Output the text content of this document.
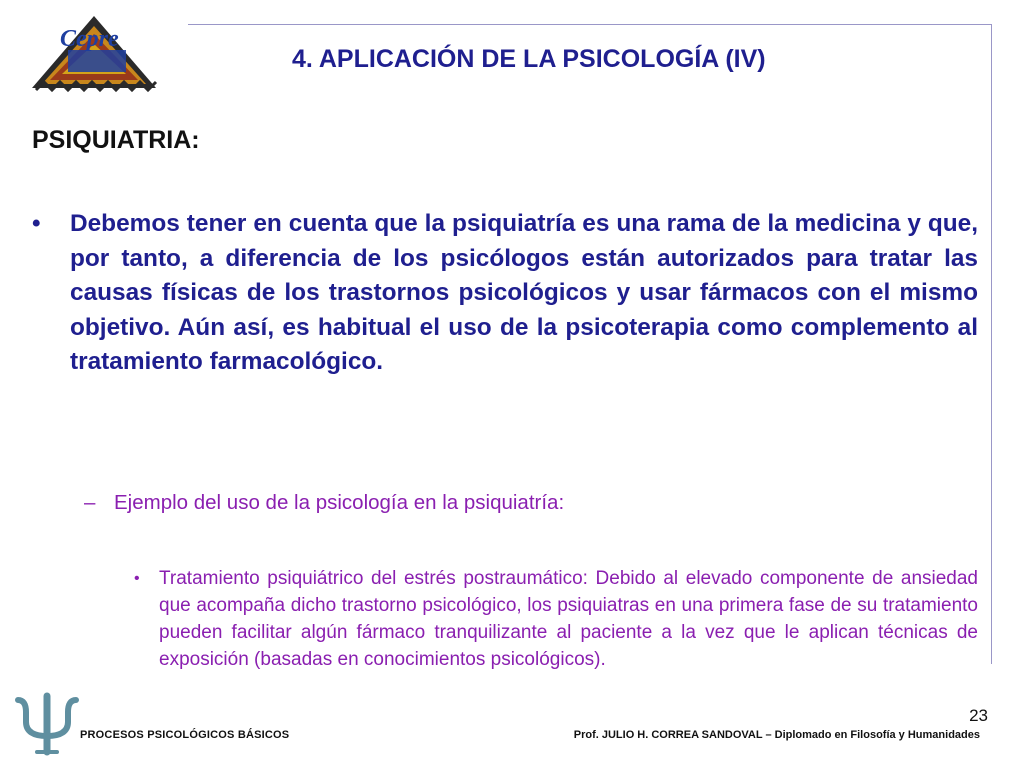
Cepre
4. APLICACIÓN DE LA PSICOLOGÍA (IV)
PSIQUIATRIA:
• Debemos tener en cuenta que la psiquiatría es una rama de la medicina y que, por tanto, a diferencia de los psicólogos están autorizados para tratar las causas físicas de los trastornos psicológicos y usar fármacos con el mismo objetivo. Aún así, es habitual el uso de la psicoterapia como complemento al tratamiento farmacológico.
– Ejemplo del uso de la psicología en la psiquiatría:
• Tratamiento psiquiátrico del estrés postraumático: Debido al elevado componente de ansiedad que acompaña dicho trastorno psicológico, los psiquiatras en una primera fase de su tratamiento pueden facilitar algún fármaco tranquilizante al paciente a la vez que le aplican técnicas de exposición (basadas en conocimientos psicológicos).
PROCESOS PSICOLÓGICOS BÁSICOS	Prof. JULIO H. CORREA SANDOVAL – Diplomado en Filosofía y Humanidades
23
